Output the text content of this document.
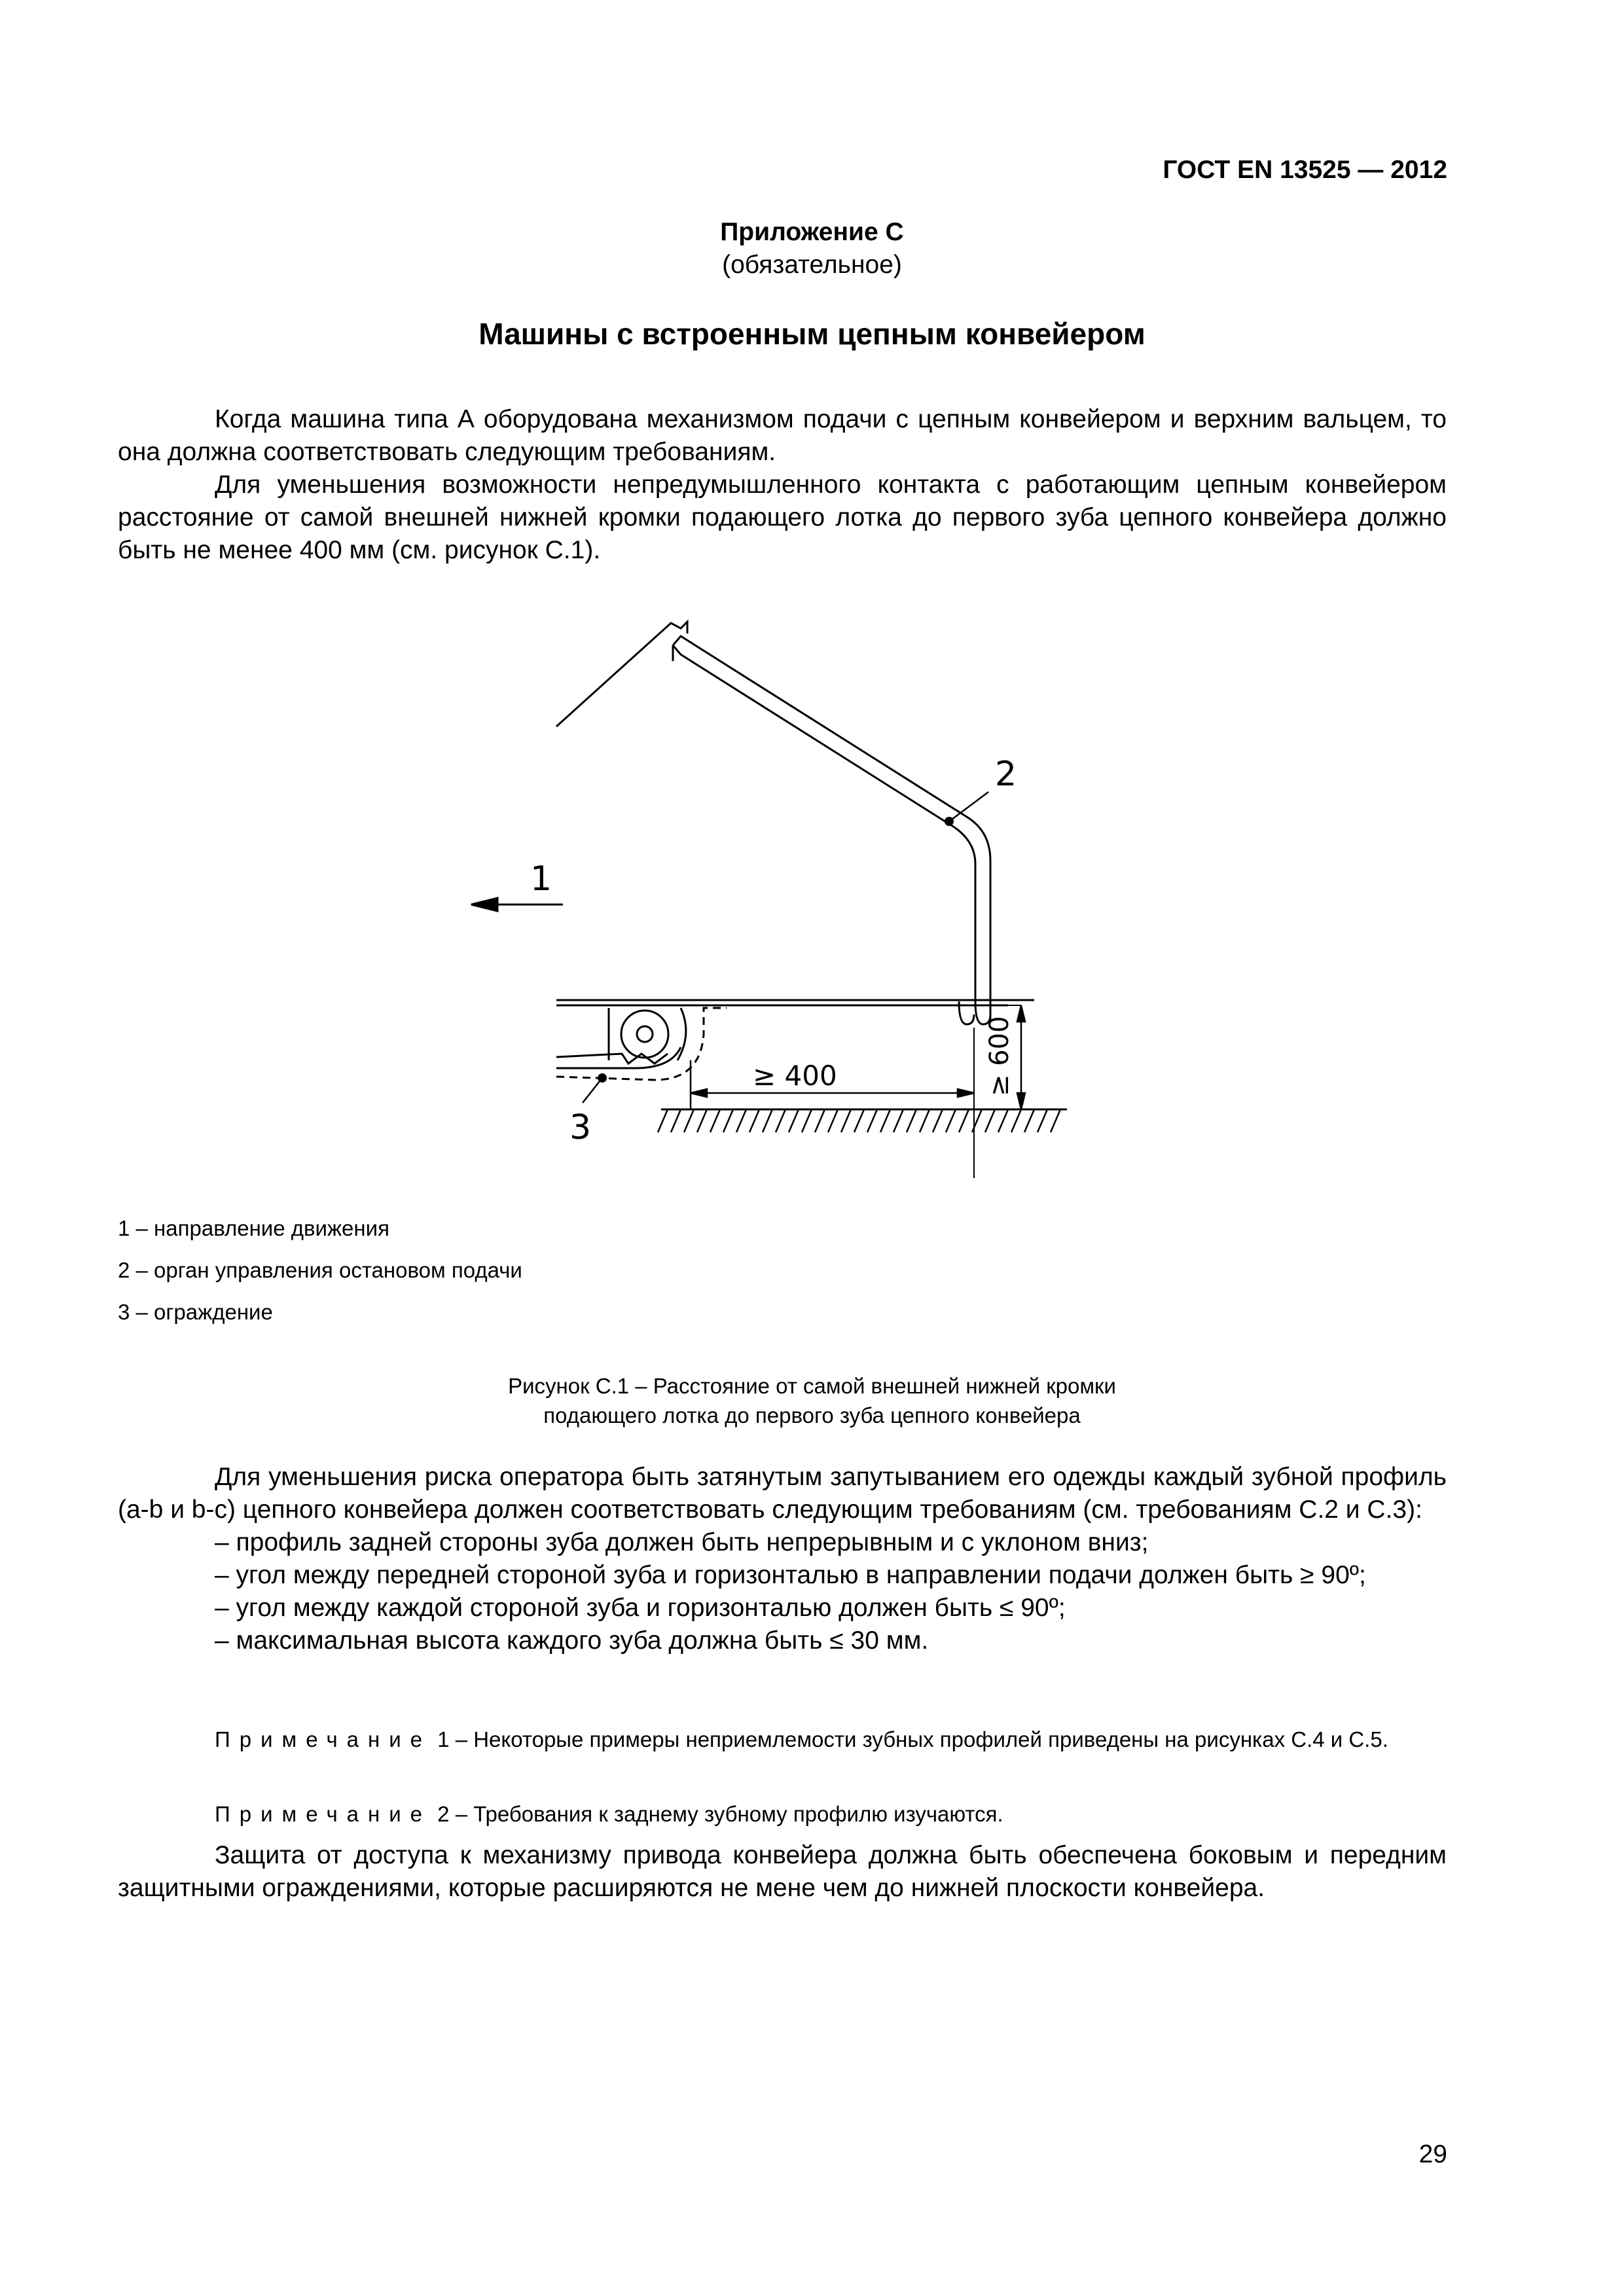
ГОСТ EN 13525 — 2012
Приложение С
(обязательное)
Машины с встроенным цепным конвейером

Когда машина типа А оборудована механизмом подачи с цепным конвейером и верхним вальцем, то она должна соответствовать следующим требованиям.

Для уменьшения возможности непредумышленного контакта с работающим цепным конвейером расстояние от самой внешней нижней кромки подающего лотка до первого зуба цепного конвейера должно быть не менее 400 мм (см. рисунок С.1).

≥ 400	≥ 600
1
2
3
1 – направление движения
2 – орган управления остановом подачи
3 – ограждение
Рисунок С.1 – Расстояние от самой внешней нижней кромки
подающего лотка до первого зуба цепного конвейера

Для уменьшения риска оператора быть затянутым запутыванием его одежды каждый зубной профиль (a-b и b-c) цепного конвейера должен соответствовать следующим требованиям (см. требованиям С.2 и С.3):

– профиль задней стороны зуба должен быть непрерывным и с уклоном вниз;

– угол между передней стороной зуба и горизонталью в направлении подачи должен быть ≥ 90º;

– угол между каждой стороной зуба и горизонталью должен быть ≤ 90º;

– максимальная высота каждого зуба должна быть ≤ 30 мм.

Примечание 1 – Некоторые примеры неприемлемости зубных профилей приведены на рисунках С.4 и С.5.

Примечание 2 – Требования к заднему зубному профилю изучаются.

Защита от доступа к механизму привода конвейера должна быть обеспечена боковым и передним защитными ограждениями, которые расширяются не мене чем до нижней плоскости конвейера.

29
